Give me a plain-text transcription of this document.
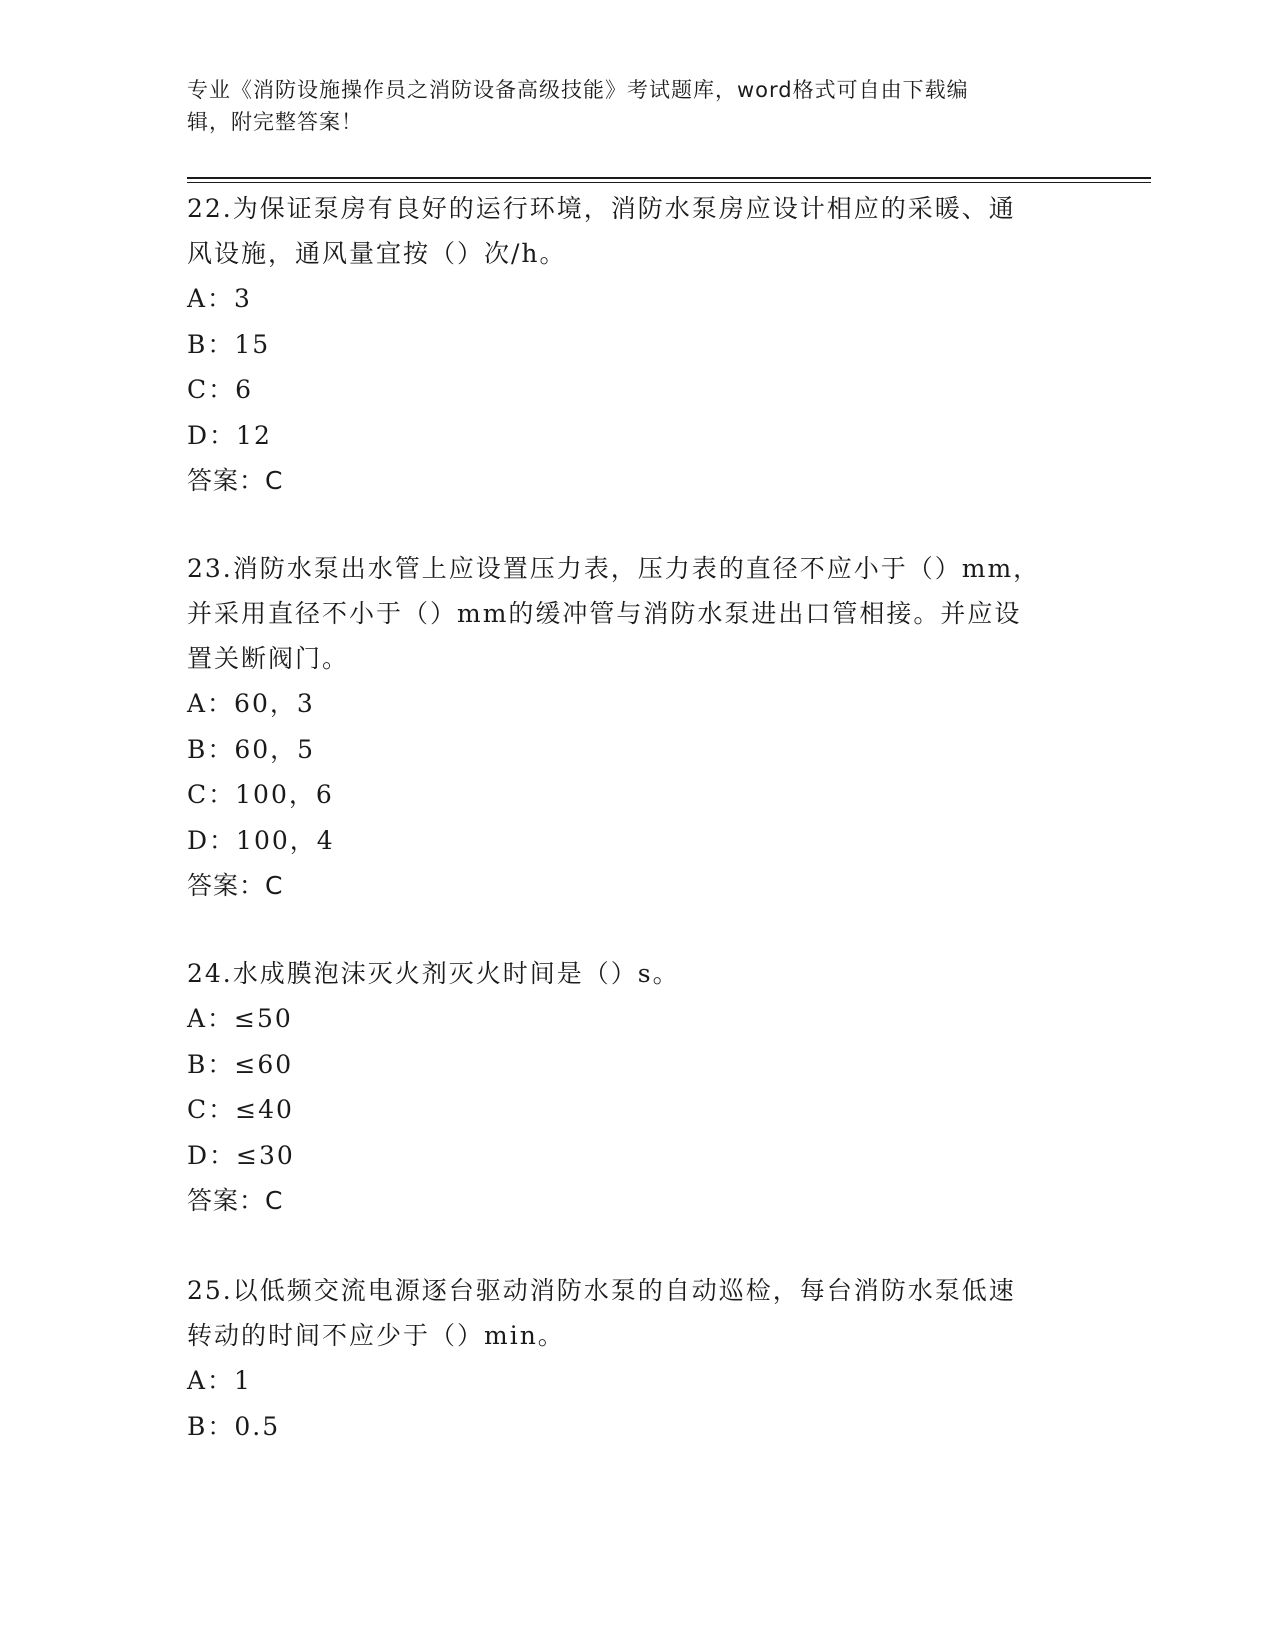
专业《消防设施操作员之消防设备高级技能》考试题库，word格式可自由下载编
辑，附完整答案！

22.为保证泵房有良好的运行环境，消防水泵房应设计相应的采暖、通

风设施，通风量宜按（）次/h。

A：3

B：15

C：6

D：12

答案：C

23.消防水泵出水管上应设置压力表，压力表的直径不应小于（）mm，

并采用直径不小于（）mm的缓冲管与消防水泵进出口管相接。并应设

置关断阀门。

A：60，3

B：60，5

C：100，6

D：100，4

答案：C

24.水成膜泡沫灭火剂灭火时间是（）s。

A：≤50

B：≤60

C：≤40

D：≤30

答案：C

25.以低频交流电源逐台驱动消防水泵的自动巡检，每台消防水泵低速

转动的时间不应少于（）min。

A：1

B：0.5
